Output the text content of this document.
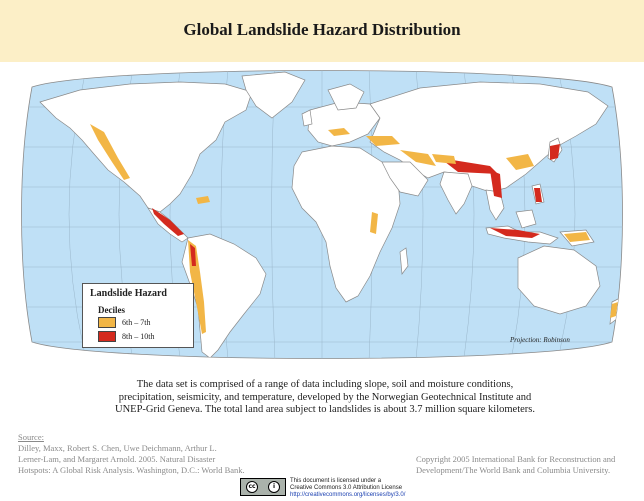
Global Landslide Hazard Distribution
Landslide Hazard
Deciles
6th – 7th
8th – 10th	Projection: Robinson
The data set is comprised of a range of data including slope, soil and moisture conditions, precipitation, seismicity, and temperature, developed by the Norwegian Geotechnical Institute and UNEP-Grid Geneva. The total land area subject to landslides is about 3.7 million square kilometers.
Source:
Dilley, Maxx, Robert S. Chen, Uwe Deichmann, Arthur L.
Lerner-Lam, and Margaret Arnold. 2005. Natural Disaster
Hotspots: A Global Risk Analysis. Washington, D.C.: World Bank.
Copyright 2005 International Bank for Reconstruction and Development/The World Bank and Columbia University.
cc	i
This document is licensed under a
Creative Commons 3.0 Attribution License
http://creativecommons.org/licenses/by/3.0/
